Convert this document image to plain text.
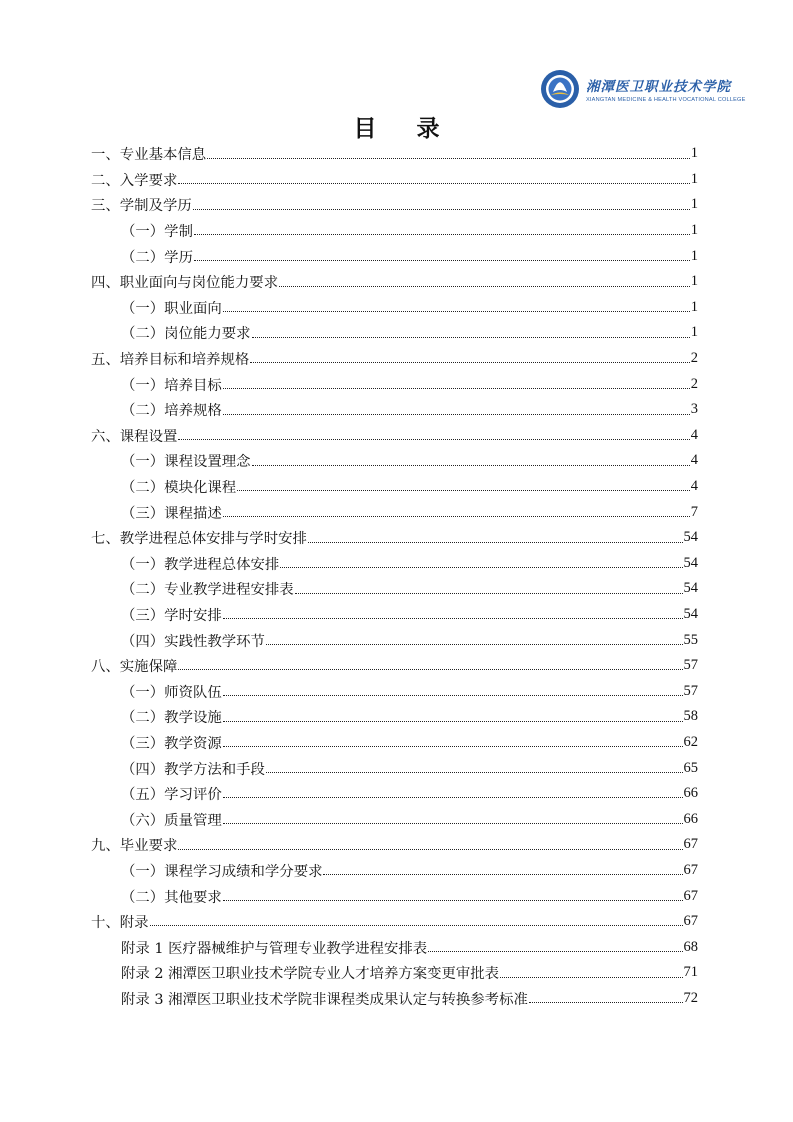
湘潭医卫职业技术学院
XIANGTAN MEDICINE & HEALTH VOCATIONAL COLLEGE
目 录
一、专业基本信息	1
二、入学要求	1
三、学制及学历	1
（一）学制	1
（二）学历	1
四、职业面向与岗位能力要求	1
（一）职业面向	1
（二）岗位能力要求	1
五、培养目标和培养规格	2
（一）培养目标	2
（二）培养规格	3
六、课程设置	4
（一）课程设置理念	4
（二）模块化课程	4
（三）课程描述	7
七、教学进程总体安排与学时安排	54
（一）教学进程总体安排	54
（二）专业教学进程安排表	54
（三）学时安排	54
（四）实践性教学环节	55
八、实施保障	57
（一）师资队伍	57
（二）教学设施	58
（三）教学资源	62
（四）教学方法和手段	65
（五）学习评价	66
（六）质量管理	66
九、毕业要求	67
（一）课程学习成绩和学分要求	67
（二）其他要求	67
十、附录	67
附录 1 医疗器械维护与管理专业教学进程安排表	68
附录 2 湘潭医卫职业技术学院专业人才培养方案变更审批表	71
附录 3 湘潭医卫职业技术学院非课程类成果认定与转换参考标准	72
